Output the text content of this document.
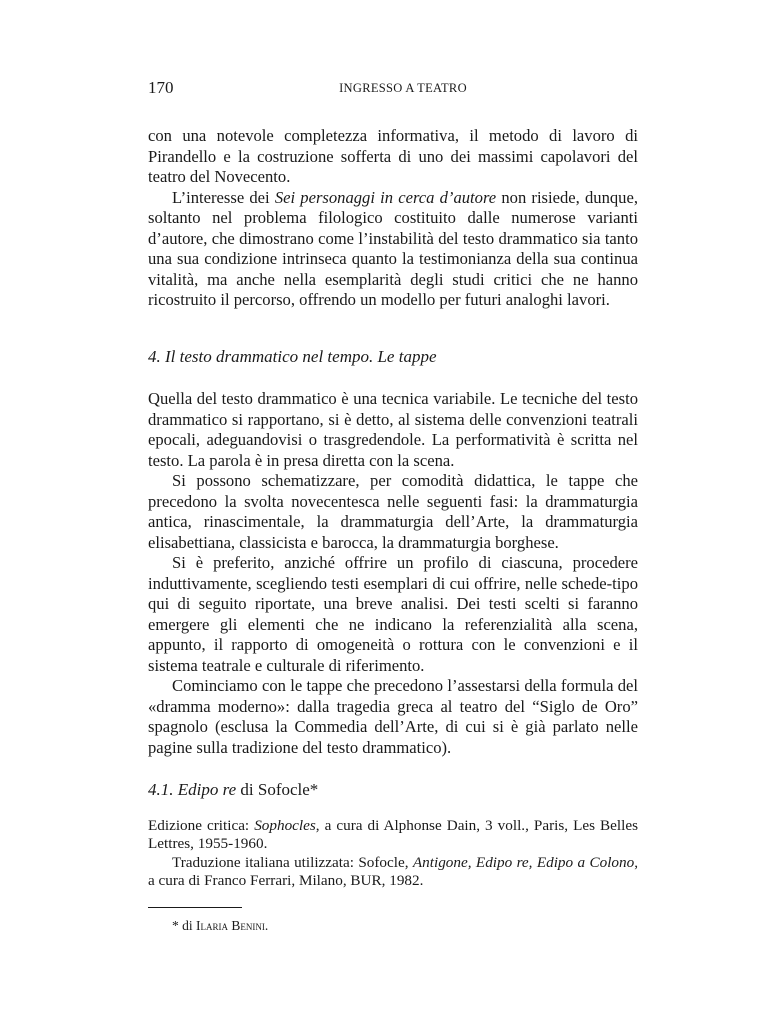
170	INGRESSO A TEATRO

con una notevole completezza informativa, il metodo di lavoro di Pirandello e la costruzione sofferta di uno dei massimi capolavori del teatro del Novecento.

L’interesse dei Sei personaggi in cerca d’autore non risiede, dunque, soltanto nel problema filologico costituito dalle numerose varianti d’autore, che dimostrano come l’instabilità del testo drammatico sia tanto una sua condizione intrinseca quanto la testimonianza della sua continua vitalità, ma anche nella esemplarità degli studi critici che ne hanno ricostruito il percorso, offrendo un modello per futuri analoghi lavori.

4. Il testo drammatico nel tempo. Le tappe

Quella del testo drammatico è una tecnica variabile. Le tecniche del testo drammatico si rapportano, si è detto, al sistema delle convenzioni teatrali epocali, adeguandovisi o trasgredendole. La performatività è scritta nel testo. La parola è in presa diretta con la scena.

Si possono schematizzare, per comodità didattica, le tappe che precedono la svolta novecentesca nelle seguenti fasi: la drammaturgia antica, rinascimentale, la drammaturgia dell’Arte, la drammaturgia elisabettiana, classicista e barocca, la drammaturgia borghese.

Si è preferito, anziché offrire un profilo di ciascuna, procedere induttivamente, scegliendo testi esemplari di cui offrire, nelle schede-tipo qui di seguito riportate, una breve analisi. Dei testi scelti si faranno emergere gli elementi che ne indicano la referenzialità alla scena, appunto, il rapporto di omogeneità o rottura con le convenzioni e il sistema teatrale e culturale di riferimento.

Cominciamo con le tappe che precedono l’assestarsi della formula del «dramma moderno»: dalla tragedia greca al teatro del “Siglo de Oro” spagnolo (esclusa la Commedia dell’Arte, di cui si è già parlato nelle pagine sulla tradizione del testo drammatico).

4.1. Edipo re di Sofocle*

Edizione critica: Sophocles, a cura di Alphonse Dain, 3 voll., Paris, Les Belles Lettres, 1955-1960.

Traduzione italiana utilizzata: Sofocle, Antigone, Edipo re, Edipo a Colono, a cura di Franco Ferrari, Milano, BUR, 1982.

* di Ilaria Benini.
